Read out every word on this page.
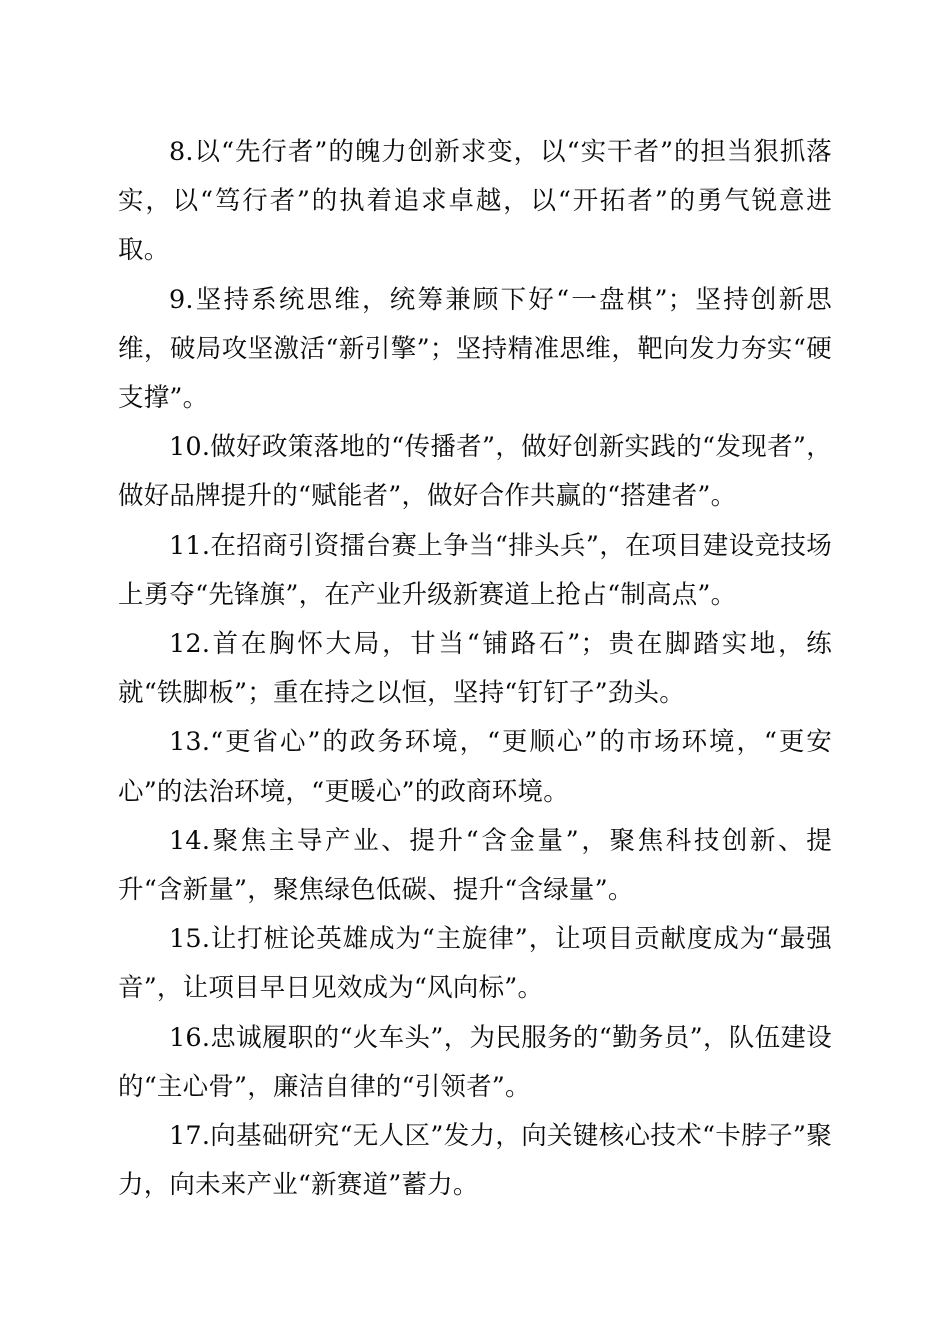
8.以“先行者”的魄力创新求变，以“实干者”的担当狠抓落实，以“笃行者”的执着追求卓越，以“开拓者”的勇气锐意进取。

9.坚持系统思维，统筹兼顾下好“一盘棋”；坚持创新思维，破局攻坚激活“新引擎”；坚持精准思维，靶向发力夯实“硬支撑”。

10.做好政策落地的“传播者”，做好创新实践的“发现者”，做好品牌提升的“赋能者”，做好合作共赢的“搭建者”。

11.在招商引资擂台赛上争当“排头兵”，在项目建设竞技场上勇夺“先锋旗”，在产业升级新赛道上抢占“制高点”。

12.首在胸怀大局，甘当“铺路石”；贵在脚踏实地，练就“铁脚板”；重在持之以恒，坚持“钉钉子”劲头。

13.“更省心”的政务环境，“更顺心”的市场环境，“更安心”的法治环境，“更暖心”的政商环境。

14.聚焦主导产业、提升“含金量”，聚焦科技创新、提升“含新量”，聚焦绿色低碳、提升“含绿量”。

15.让打桩论英雄成为“主旋律”，让项目贡献度成为“最强音”，让项目早日见效成为“风向标”。

16.忠诚履职的“火车头”，为民服务的“勤务员”，队伍建设的“主心骨”，廉洁自律的“引领者”。

17.向基础研究“无人区”发力，向关键核心技术“卡脖子”聚力，向未来产业“新赛道”蓄力。
